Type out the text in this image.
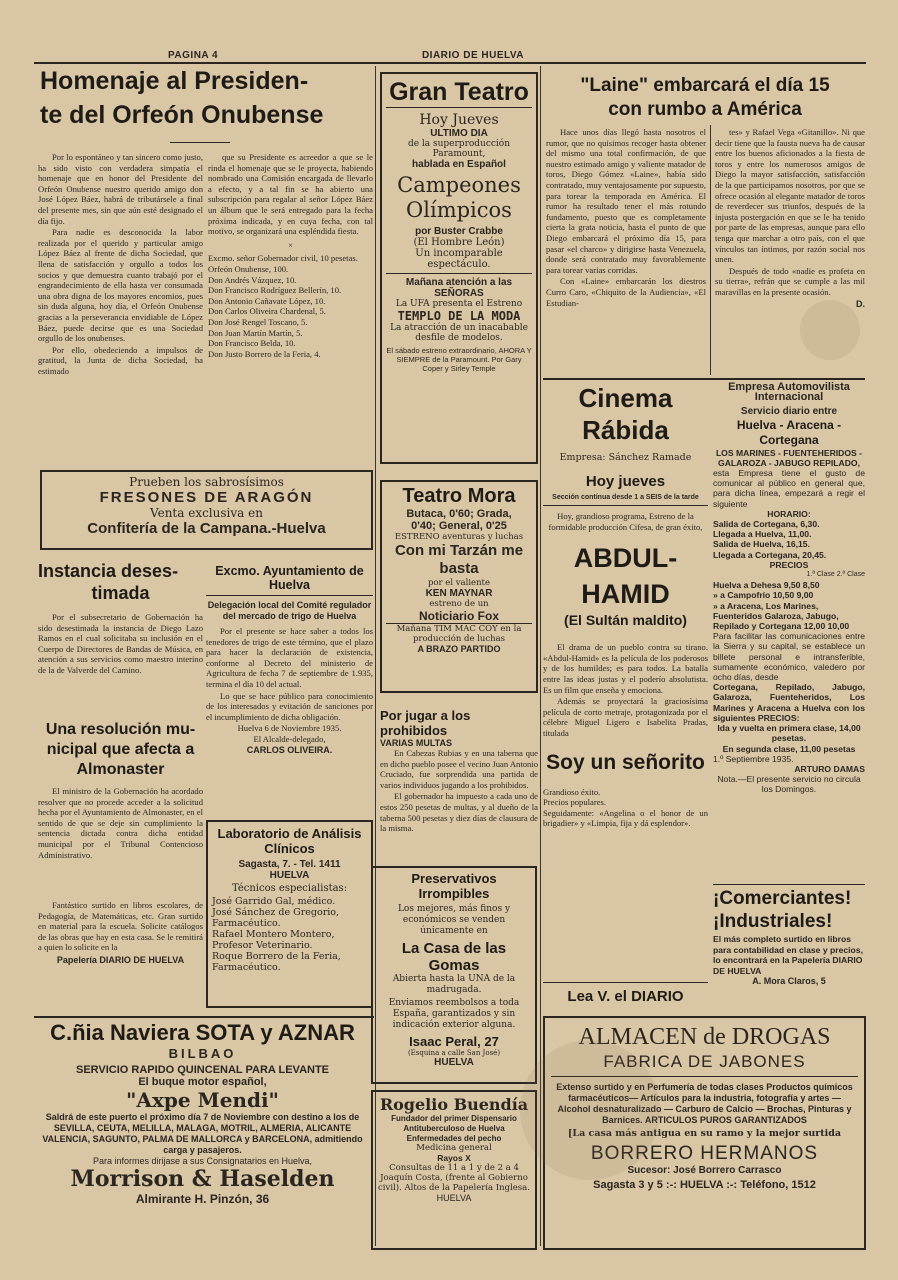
PAGINA 4	DIARIO DE HUELVA
Homenaje al Presiden-
te del Orfeón Onubense

Por lo espontáneo y tan sincero como justo, ha sido visto con verdadera simpatía el homenaje que en honor del Presidente del Orfeón Onubense nuestro querido amigo don José López Báez, habrá de tributársele a final del presente mes, sin que aún esté designado el día fijo.

Para nadie es desconocida la labor realizada por el querido y particular amigo López Báez al frente de dicha Sociedad, que llena de satisfacción y orgullo a todos los socios y que demuestra cuanto trabajó por el engrandecimiento de ella hasta ver consumada una obra digna de los mayores encomios, pues sin duda alguna, hoy día, el Orfeón Onubense gracias a la perseverancia envidiable de López Báez, puede decirse que es una Sociedad orgullo de los onubenses.

Por ello, obedeciendo a impulsos de gratitud, la Junta de dicha Sociedad, ha estimado

que su Presidente es acreedor a que se le rinda el homenaje que se le proyecta, habiendo nombrado una Comisión encargada de llevarlo a efecto, y a tal fin se ha abierto una subscripción para regalar al señor López Báez un álbum que le será entregado para la fecha próxima indicada, y en cuya fecha, con tal motivo, se organizará una espléndida fiesta.

×
Excmo. señor Gobernador civil, 10 pesetas.
Orfeón Onubense, 100.
Don Andrés Vázquez, 10.
Don Francisco Rodríguez Bellerín, 10.
Don Antonio Cañavate López, 10.
Don Carlos Oliveira Chardenal, 5.
Don José Rengel Toscano, 5.
Don Juan Martín Martín, 5.
Don Francisco Belda, 10.
Don Justo Borrero de la Feria, 4.
Prueben los sabrosísimos
FRESONES DE ARAGÓN
Venta exclusiva en
Confitería de la Campana.-Huelva
Instancia deses-
timada

Por el subsecretario de Gobernación ha sido desestimada la instancia de Diego Lazo Ramos en el cual solicitaba su inclusión en el Cuerpo de Directores de Bandas de Música, en atención a sus servicios como maestro interino de la de Valverde del Camino.

Una resolución mu-
nicipal que afecta a
Almonaster

El ministro de la Gobernación ha acordado resolver que no procede acceder a la solicitud hecha por el Ayuntamiento de Almonaster, en el sentido de que se deje sin cumplimiento la sentencia dictada contra dicha entidad municipal por el Tribunal Contencioso Administrativo.

Fantástico surtido en libros escolares, de Pedagogía, de Matemáticas, etc. Gran surtido en material para la escuela. Solicite catálogos de las obras que hay en esta casa. Se le remitirá a quien lo solicite en la

Papelería DIARIO DE HUELVA
Excmo. Ayuntamiento de Huelva
Delegación local del Comité regulador del mercado de trigo de Huelva

Por el presente se hace saber a todos los tenedores de trigo de este término, que el plazo para hacer la declaración de existencia, conforme al Decreto del ministerio de Agricultura de fecha 7 de septiembre de 1.935, termina el día 10 del actual.

Lo que se hace público para conocimiento de los interesados y evitación de sanciones por el incumplimiento de dicha obligación.

Huelva 6 de Noviembre 1935.
El Alcalde-delegado,
CARLOS OLIVEIRA.
Laboratorio de Análisis
Clínicos
Sagasta, 7. - Tel. 1411
HUELVA
Técnicos especialistas:
José Garrido Gal, médico.
José Sánchez de Gregorio, Farmacéutico.
Rafael Montero Montero, Profesor Veterinario.
Roque Borrero de la Feria, Farmacéutico.
C.ñia Naviera SOTA y AZNAR
BILBAO
SERVICIO RAPIDO QUINCENAL PARA LEVANTE
El buque motor español,
"Axpe Mendi"
Saldrá de este puerto el próximo día 7 de Noviembre con destino a los de SEVILLA, CEUTA, MELILLA, MALAGA, MOTRIL, ALMERIA, ALICANTE VALENCIA, SAGUNTO, PALMA DE MALLORCA y BARCELONA, admitiendo carga y pasajeros.
Para informes dirijase a sus Consignatarios en Huelva,
Morrison & Haselden
Almirante H. Pinzón, 36
Gran Teatro
Hoy Jueves
ULTIMO DIA
de la superproducción Paramount,
hablada en Español
Campeones Olímpicos
por Buster Crabbe
(El Hombre León)
Un incomparable espectáculo.
Mañana atención a las SEÑORAS
La UFA presenta el Estreno
TEMPLO DE LA MODA
La atracción de un inacabable desfile de modelos.
El sábado estreno extraordinario, AHORA Y SIEMPRE de la Paramount. Por Gary Coper y Sirley Temple
Teatro Mora
Butaca, 0'60; Grada,
0'40; General, 0'25
ESTRENO aventuras y luchas
Con mi Tarzán me basta
por el valiente
KEN MAYNAR
estreno de un
Noticiario Fox
Mañana TIM MAC COY en la producción de luchas
A BRAZO PARTIDO
Por jugar a los prohibidos
VARIAS MULTAS

En Cabezas Rubias y en una taberna que en dicho pueblo posee el vecino Juan Antonio Cruciado, fue sorprendida una partida de varios individuos jugando a los prohibidos.

El gobernador ha impuesto a cada uno de estos 250 pesetas de multas, y al dueño de la taberna 500 pesetas y diez días de clausura de la misma.

Preservativos Irrompibles
Los mejores, más finos y económicos se venden únicamente en
La Casa de las Gomas
Abierta hasta la UNA de la madrugada.
Enviamos reembolsos a toda España, garantizados y sin indicación exterior alguna.
Isaac Peral, 27
(Esquina a calle San José)
HUELVA
Rogelio Buendía
Fundador del primer Dispensario Antituberculoso de Huelva
Enfermedades del pecho
Medicina general
Rayos X
Consultas de 11 a 1 y de 2 a 4 Joaquín Costa, (frente al Gobierno civil). Altos de la Papelería Inglesa.
HUELVA
"Laine" embarcará el día 15
con rumbo a América

Hace unos días llegó hasta nosotros el rumor, que no quisimos recoger hasta obtener del mismo una total confirmación, de que nuestro estimado amigo y valiente matador de toros, Diego Gómez «Laine», había sido contratado, muy ventajosamente por supuesto, para torear la temporada en América. El rumor ha resultado tener el más rotundo fundamento, puesto que es completamente cierta la grata noticia, hasta el punto de que Diego embarcará el próximo día 15, para pasar «el charco» y dirigirse hasta Venezuela, donde será contratado muy favorablemente para torear varias corridas.

Con «Laine» embarcarán los diestros Curro Caro, «Chiquito de la Audiencia», «El Estudian-

tes» y Rafael Vega «Gitanillo». Ni que decir tiene que la fausta nueva ha de causar entre los buenos aficionados a la fiesta de toros y entre los numerosos amigos de Diego la mayor satisfacción, satisfacción de la que participamos nosotros, por que se ofrece ocasión al elegante matador de toros de reverdecer sus triunfos, después de la injusta postergación en que se le ha tenido por parte de las empresas, aunque para ello tenga que marchar a otro país, con el que vínculos tan íntimos, por razón social nos unen.

Después de todo «nadie es profeta en su tierra», refrán que se cumple a las mil maravillas en la presente ocasión.

D.
Cinema Rábida
Empresa: Sánchez Ramade
Hoy jueves
Sección contínua desde 1 a SEIS de la tarde
Hoy, grandioso programa, Estreno de la formidable producción Cifesa, de gran éxito,
ABDUL-HAMID
(El Sultán maldito)

El drama de un pueblo contra su tirano. «Abdul-Hamid» es la película de los poderosos y de los humildes; es para todos. La batalla entre las ideas justas y el poderío absolutista. Es un film que enseña y emociona.

Además se proyectará la graciosísima película de corto metraje, protagonizada por el célebre Miguel Ligero e Isabelita Pradas, titulada

Soy un señorito
Grandioso éxito.
Precios populares.
Seguidamente: «Angelina o el honor de un brigadier» y «Limpia, fija y dá esplendor».
Lea V. el DIARIO
Empresa Automovilista
Internacional
Servicio diario entre
Huelva - Aracena - Cortegana
LOS MARINES - FUENTEHERIDOS - GALAROZA - JABUGO REPILADO,
esta Empresa tiene el gusto de comunicar al público en general que, para dicha línea, empezará a regir el siguiente
HORARIO:
Salida de Cortegana, 6,30.
Llegada a Huelva, 11,00.
Salida de Huelva, 16,15.
Llegada a Cortegana, 20,45.
PRECIOS
1.ª Clase 2.ª Clase
Huelva a Dehesa 9,50 8,50
» a Campofrío 10,50 9,00
» a Aracena, Los Marines, Fuenteridos Galaroza, Jabugo, Repilado y Cortegana 12,00 10,00
Para facilitar las comunicaciones entre la Sierra y su capital, se establece un billete personal e intransferible, sumamente económico, valedero por ocho días, desde
Cortegana, Repilado, Jabugo, Galaroza, Fuenteheridos, Los Marines y Aracena a Huelva con los siguientes PRECIOS:
Ida y vuelta en primera clase, 14,00 pesetas.
En segunda clase, 11,00 pesetas
1.º Septiembre 1935.
ARTURO DAMAS
Nota.—El presente servicio no circula los Domingos.
¡Comerciantes!
¡Industriales!
El más completo surtido en libros para contabilidad en clase y precios, lo encontrará en la Papelería DIARIO DE HUELVA
A. Mora Claros, 5
ALMACEN de DROGAS
FABRICA DE JABONES
Extenso surtido y en Perfumería de todas clases Productos químicos farmacéuticos— Artículos para la industria, fotografía y artes — Alcohol desnaturalizado — Carburo de Calcio — Brochas, Pinturas y Barnices. ARTICULOS PUROS GARANTIZADOS
[La casa más antigua en su ramo y la mejor surtida
BORRERO HERMANOS
Sucesor: José Borrero Carrasco
Sagasta 3 y 5 :-: HUELVA :-: Teléfono, 1512
